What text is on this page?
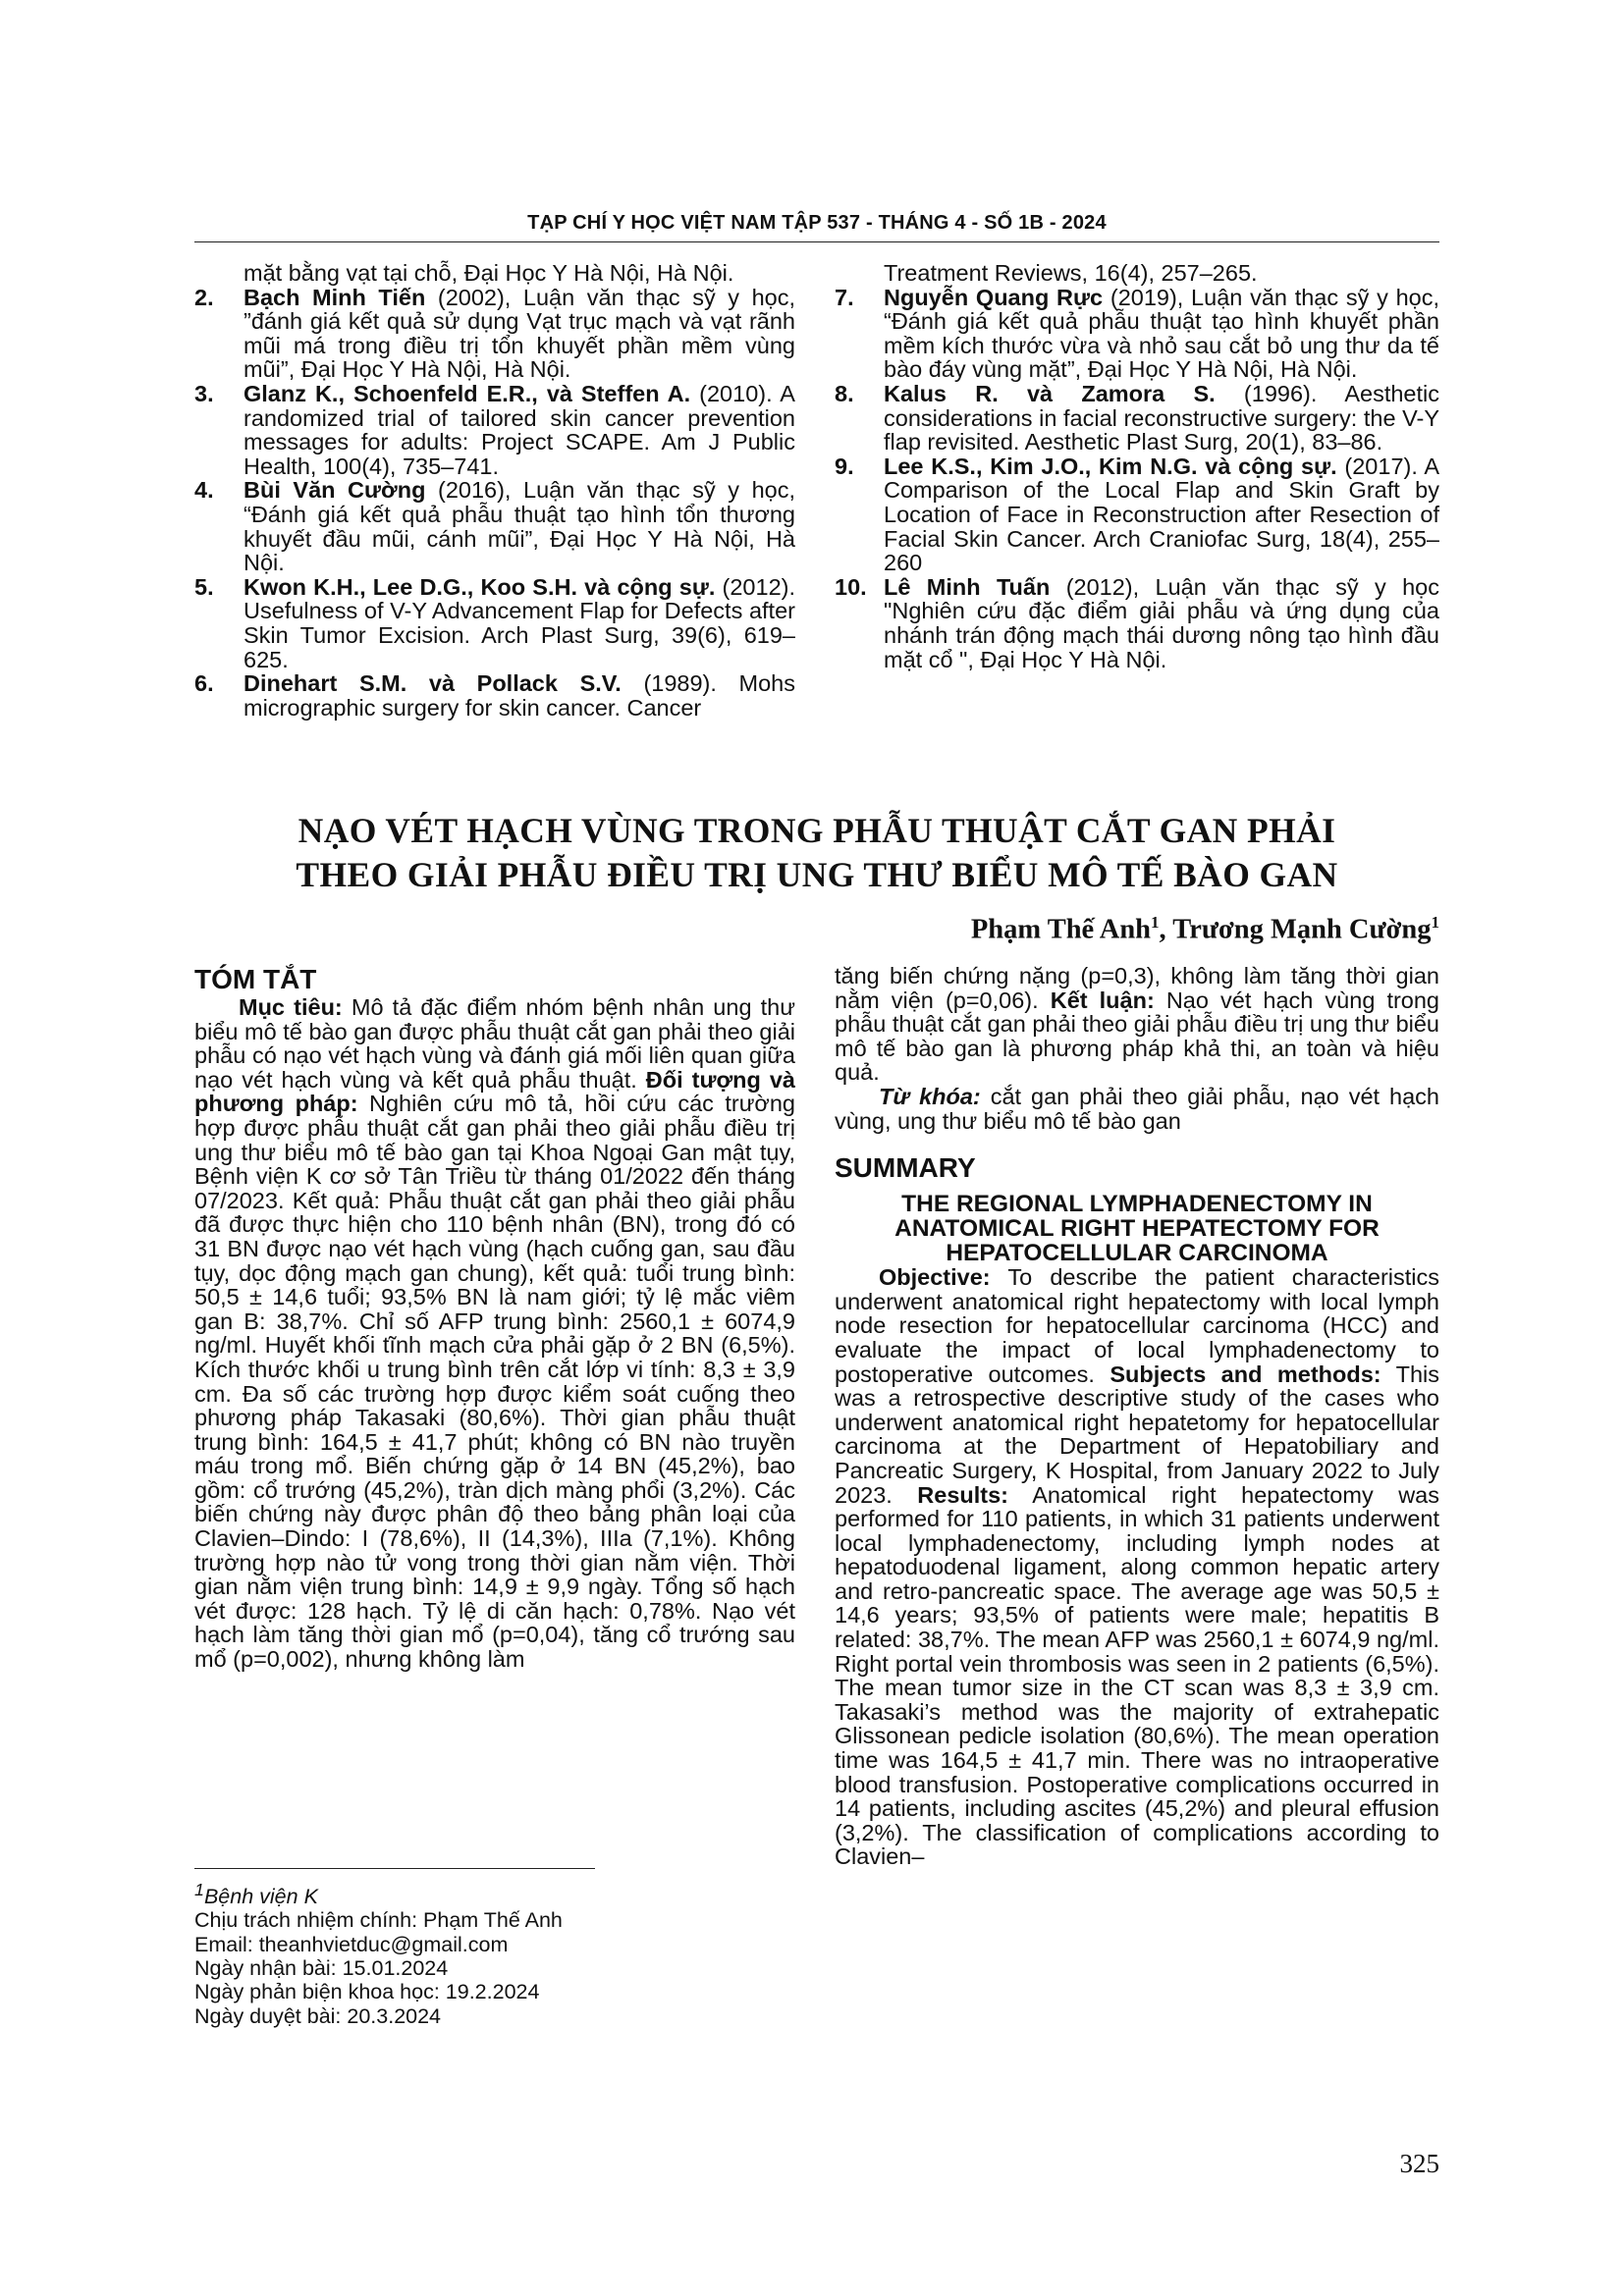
TẠP CHÍ Y HỌC VIỆT NAM TẬP 537 - THÁNG 4 - SỐ 1B - 2024

mặt bằng vạt tại chỗ, Đại Học Y Hà Nội, Hà Nội.

2. Bạch Minh Tiến (2002), Luận văn thạc sỹ y học, ”đánh giá kết quả sử dụng Vạt trục mạch và vạt rãnh mũi má trong điều trị tổn khuyết phần mềm vùng mũi”, Đại Học Y Hà Nội, Hà Nội.

3. Glanz K., Schoenfeld E.R., và Steffen A. (2010). A randomized trial of tailored skin cancer prevention messages for adults: Project SCAPE. Am J Public Health, 100(4), 735–741.

4. Bùi Văn Cường (2016), Luận văn thạc sỹ y học, “Đánh giá kết quả phẫu thuật tạo hình tổn thương khuyết đầu mũi, cánh mũi”, Đại Học Y Hà Nội, Hà Nội.

5. Kwon K.H., Lee D.G., Koo S.H. và cộng sự. (2012). Usefulness of V-Y Advancement Flap for Defects after Skin Tumor Excision. Arch Plast Surg, 39(6), 619–625.

6. Dinehart S.M. và Pollack S.V. (1989). Mohs micrographic surgery for skin cancer. Cancer

Treatment Reviews, 16(4), 257–265.

7. Nguyễn Quang Rực (2019), Luận văn thạc sỹ y học, “Đánh giá kết quả phẫu thuật tạo hình khuyết phần mềm kích thước vừa và nhỏ sau cắt bỏ ung thư da tế bào đáy vùng mặt”, Đại Học Y Hà Nội, Hà Nội.

8. Kalus R. và Zamora S. (1996). Aesthetic considerations in facial reconstructive surgery: the V-Y flap revisited. Aesthetic Plast Surg, 20(1), 83–86.

9. Lee K.S., Kim J.O., Kim N.G. và cộng sự. (2017). A Comparison of the Local Flap and Skin Graft by Location of Face in Reconstruction after Resection of Facial Skin Cancer. Arch Craniofac Surg, 18(4), 255–260

10. Lê Minh Tuấn (2012), Luận văn thạc sỹ y học "Nghiên cứu đặc điểm giải phẫu và ứng dụng của nhánh trán động mạch thái dương nông tạo hình đầu mặt cổ ", Đại Học Y Hà Nội.

NẠO VÉT HẠCH VÙNG TRONG PHẪU THUẬT CẮT GAN PHẢI
THEO GIẢI PHẪU ĐIỀU TRỊ UNG THƯ BIỂU MÔ TẾ BÀO GAN
Phạm Thế Anh$^1$, Trương Mạnh Cường$^1$

TÓM TẮT

Mục tiêu: Mô tả đặc điểm nhóm bệnh nhân ung thư biểu mô tế bào gan được phẫu thuật cắt gan phải theo giải phẫu có nạo vét hạch vùng và đánh giá mối liên quan giữa nạo vét hạch vùng và kết quả phẫu thuật. Đối tượng và phương pháp: Nghiên cứu mô tả, hồi cứu các trường hợp được phẫu thuật cắt gan phải theo giải phẫu điều trị ung thư biểu mô tế bào gan tại Khoa Ngoại Gan mật tụy, Bệnh viện K cơ sở Tân Triều từ tháng 01/2022 đến tháng 07/2023. Kết quả: Phẫu thuật cắt gan phải theo giải phẫu đã được thực hiện cho 110 bệnh nhân (BN), trong đó có 31 BN được nạo vét hạch vùng (hạch cuống gan, sau đầu tụy, dọc động mạch gan chung), kết quả: tuổi trung bình: 50,5 ± 14,6 tuổi; 93,5% BN là nam giới; tỷ lệ mắc viêm gan B: 38,7%. Chỉ số AFP trung bình: 2560,1 ± 6074,9 ng/ml. Huyết khối tĩnh mạch cửa phải gặp ở 2 BN (6,5%). Kích thước khối u trung bình trên cắt lớp vi tính: 8,3 ± 3,9 cm. Đa số các trường hợp được kiểm soát cuống theo phương pháp Takasaki (80,6%). Thời gian phẫu thuật trung bình: 164,5 ± 41,7 phút; không có BN nào truyền máu trong mổ. Biến chứng gặp ở 14 BN (45,2%), bao gồm: cổ trướng (45,2%), tràn dịch màng phổi (3,2%). Các biến chứng này được phân độ theo bảng phân loại của Clavien–Dindo: I (78,6%), II (14,3%), IIIa (7,1%). Không trường hợp nào tử vong trong thời gian nằm viện. Thời gian nằm viện trung bình: 14,9 ± 9,9 ngày. Tổng số hạch vét được: 128 hạch. Tỷ lệ di căn hạch: 0,78%. Nạo vét hạch làm tăng thời gian mổ (p=0,04), tăng cổ trướng sau mổ (p=0,002), nhưng không làm

tăng biến chứng nặng (p=0,3), không làm tăng thời gian nằm viện (p=0,06). Kết luận: Nạo vét hạch vùng trong phẫu thuật cắt gan phải theo giải phẫu điều trị ung thư biểu mô tế bào gan là phương pháp khả thi, an toàn và hiệu quả.

Từ khóa: cắt gan phải theo giải phẫu, nạo vét hạch vùng, ung thư biểu mô tế bào gan

SUMMARY

THE REGIONAL LYMPHADENECTOMY IN ANATOMICAL RIGHT HEPATECTOMY FOR HEPATOCELLULAR CARCINOMA

Objective: To describe the patient characteristics underwent anatomical right hepatectomy with local lymph node resection for hepatocellular carcinoma (HCC) and evaluate the impact of local lymphadenectomy to postoperative outcomes. Subjects and methods: This was a retrospective descriptive study of the cases who underwent anatomical right hepatetomy for hepatocellular carcinoma at the Department of Hepatobiliary and Pancreatic Surgery, K Hospital, from January 2022 to July 2023. Results: Anatomical right hepatectomy was performed for 110 patients, in which 31 patients underwent local lymphadenectomy, including lymph nodes at hepatoduodenal ligament, along common hepatic artery and retro-pancreatic space. The average age was 50,5 ± 14,6 years; 93,5% of patients were male; hepatitis B related: 38,7%. The mean AFP was 2560,1 ± 6074,9 ng/ml. Right portal vein thrombosis was seen in 2 patients (6,5%). The mean tumor size in the CT scan was 8,3 ± 3,9 cm. Takasaki’s method was the majority of extrahepatic Glissonean pedicle isolation (80,6%). The mean operation time was 164,5 ± 41,7 min. There was no intraoperative blood transfusion. Postoperative complications occurred in 14 patients, including ascites (45,2%) and pleural effusion (3,2%). The classification of complications according to Clavien–

$^1$Bệnh viện K
Chịu trách nhiệm chính: Phạm Thế Anh
Email: theanhvietduc@gmail.com
Ngày nhận bài: 15.01.2024
Ngày phản biện khoa học: 19.2.2024
Ngày duyệt bài: 20.3.2024
325
